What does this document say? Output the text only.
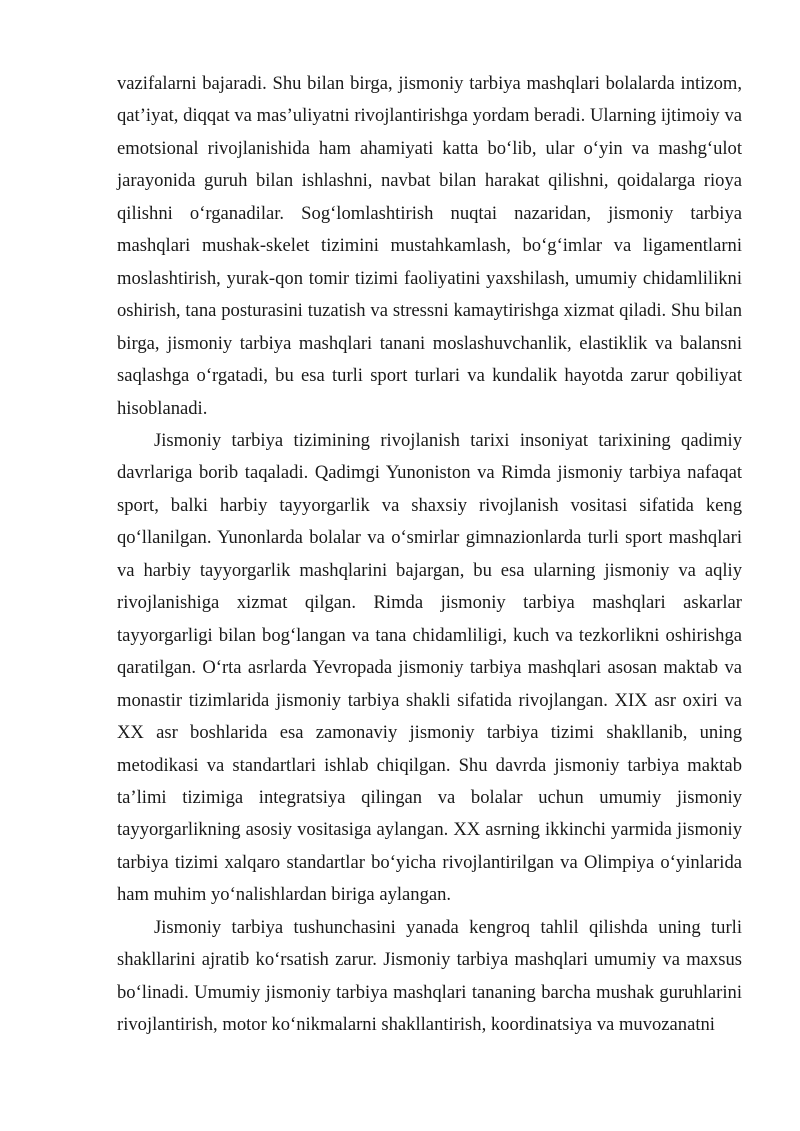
vazifalarni bajaradi. Shu bilan birga, jismoniy tarbiya mashqlari bolalarda intizom, qat’iyat, diqqat va mas’uliyatni rivojlantirishga yordam beradi. Ularning ijtimoiy va emotsional rivojlanishida ham ahamiyati katta bo‘lib, ular o‘yin va mashg‘ulot jarayonida guruh bilan ishlashni, navbat bilan harakat qilishni, qoidalarga rioya qilishni o‘rganadilar. Sog‘lomlashtirish nuqtai nazaridan, jismoniy tarbiya mashqlari mushak-skelet tizimini mustahkamlash, bo‘g‘imlar va ligamentlarni moslashtirish, yurak-qon tomir tizimi faoliyatini yaxshilash, umumiy chidamlilikni oshirish, tana posturasini tuzatish va stressni kamaytirishga xizmat qiladi. Shu bilan birga, jismoniy tarbiya mashqlari tanani moslashuvchanlik, elastiklik va balansni saqlashga o‘rgatadi, bu esa turli sport turlari va kundalik hayotda zarur qobiliyat hisoblanadi.

Jismoniy tarbiya tizimining rivojlanish tarixi insoniyat tarixining qadimiy davrlariga borib taqaladi. Qadimgi Yunoniston va Rimda jismoniy tarbiya nafaqat sport, balki harbiy tayyorgarlik va shaxsiy rivojlanish vositasi sifatida keng qo‘llanilgan. Yunonlarda bolalar va o‘smirlar gimnazionlarda turli sport mashqlari va harbiy tayyorgarlik mashqlarini bajargan, bu esa ularning jismoniy va aqliy rivojlanishiga xizmat qilgan. Rimda jismoniy tarbiya mashqlari askarlar tayyorgarligi bilan bog‘langan va tana chidamliligi, kuch va tezkorlikni oshirishga qaratilgan. O‘rta asrlarda Yevropada jismoniy tarbiya mashqlari asosan maktab va monastir tizimlarida jismoniy tarbiya shakli sifatida rivojlangan. XIX asr oxiri va XX asr boshlarida esa zamonaviy jismoniy tarbiya tizimi shakllanib, uning metodikasi va standartlari ishlab chiqilgan. Shu davrda jismoniy tarbiya maktab ta’limi tizimiga integratsiya qilingan va bolalar uchun umumiy jismoniy tayyorgarlikning asosiy vositasiga aylangan. XX asrning ikkinchi yarmida jismoniy tarbiya tizimi xalqaro standartlar bo‘yicha rivojlantirilgan va Olimpiya o‘yinlarida ham muhim yo‘nalishlardan biriga aylangan.

Jismoniy tarbiya tushunchasini yanada kengroq tahlil qilishda uning turli shakllarini ajratib ko‘rsatish zarur. Jismoniy tarbiya mashqlari umumiy va maxsus bo‘linadi. Umumiy jismoniy tarbiya mashqlari tananing barcha mushak guruhlarini rivojlantirish, motor ko‘nikmalarni shakllantirish, koordinatsiya va muvozanatni
